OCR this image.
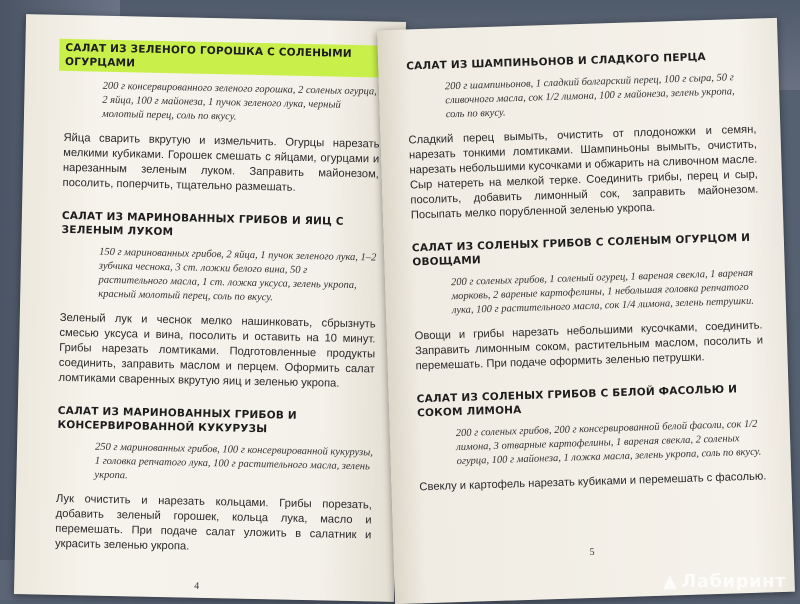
САЛАТ ИЗ ЗЕЛЕНОГО ГОРОШКА С СОЛЕНЫМИ ОГУРЦАМИ

200 г консервированного зеленого горошка, 2 соленых огурца, 2 яйца, 100 г майонеза, 1 пучок зеленого лука, черный молотый перец, соль по вкусу.

Яйца сварить вкрутую и измельчить. Огурцы нарезать мелкими кубиками. Горошек смешать с яйцами, огурцами и нарезанным зеленым луком. Заправить майонезом, посолить, поперчить, тщательно размешать.

САЛАТ ИЗ МАРИНОВАННЫХ ГРИБОВ И ЯИЦ С ЗЕЛЕНЫМ ЛУКОМ

150 г маринованных грибов, 2 яйца, 1 пучок зеленого лука, 1–2 зубчика чеснока, 3 ст. ложки белого вина, 50 г растительного масла, 1 ст. ложка уксуса, зелень укропа, красный молотый перец, соль по вкусу.

Зеленый лук и чеснок мелко нашинковать, сбрызнуть смесью уксуса и вина, посолить и оставить на 10 минут. Грибы нарезать ломтиками. Подготовленные продукты соединить, заправить маслом и перцем. Оформить салат ломтиками сваренных вкрутую яиц и зеленью укропа.

САЛАТ ИЗ МАРИНОВАННЫХ ГРИБОВ И КОНСЕРВИРОВАННОЙ КУКУРУЗЫ

250 г маринованных грибов, 100 г консервированной кукурузы, 1 головка репчатого лука, 100 г растительного масла, зелень укропа.

Лук очистить и нарезать кольцами. Грибы порезать, добавить зеленый горошек, кольца лука, масло и перемешать. При подаче салат уложить в салатник и украсить зеленью укропа.

4
САЛАТ ИЗ ШАМПИНЬОНОВ И СЛАДКОГО ПЕРЦА

200 г шампиньонов, 1 сладкий болгарский перец, 100 г сыра, 50 г сливочного масла, сок 1/2 лимона, 100 г майонеза, зелень укропа, соль по вкусу.

Сладкий перец вымыть, очистить от плодоножки и семян, нарезать тонкими ломтиками. Шампиньоны вымыть, очистить, нарезать небольшими кусочками и обжарить на сливочном масле. Сыр натереть на мелкой терке. Соединить грибы, перец и сыр, посолить, добавить лимонный сок, заправить майонезом. Посыпать мелко порубленной зеленью укропа.

САЛАТ ИЗ СОЛЕНЫХ ГРИБОВ С СОЛЕНЫМ ОГУРЦОМ И ОВОЩАМИ

200 г соленых грибов, 1 соленый огурец, 1 вареная свекла, 1 вареная морковь, 2 вареные картофелины, 1 небольшая головка репчатого лука, 100 г растительного масла, сок 1/4 лимона, зелень петрушки.

Овощи и грибы нарезать небольшими кусочками, соединить. Заправить лимонным соком, растительным маслом, посолить и перемешать. При подаче оформить зеленью петрушки.

САЛАТ ИЗ СОЛЕНЫХ ГРИБОВ С БЕЛОЙ ФАСОЛЬЮ И СОКОМ ЛИМОНА

200 г соленых грибов, 200 г консервированной белой фасоли, сок 1/2 лимона, 3 отварные картофелины, 1 вареная свекла, 2 соленых огурца, 100 г майонеза, 1 ложка масла, зелень укропа, соль по вкусу.

Свеклу и картофель нарезать кубиками и перемешать с фасолью.

5
▲ Лабиринт
